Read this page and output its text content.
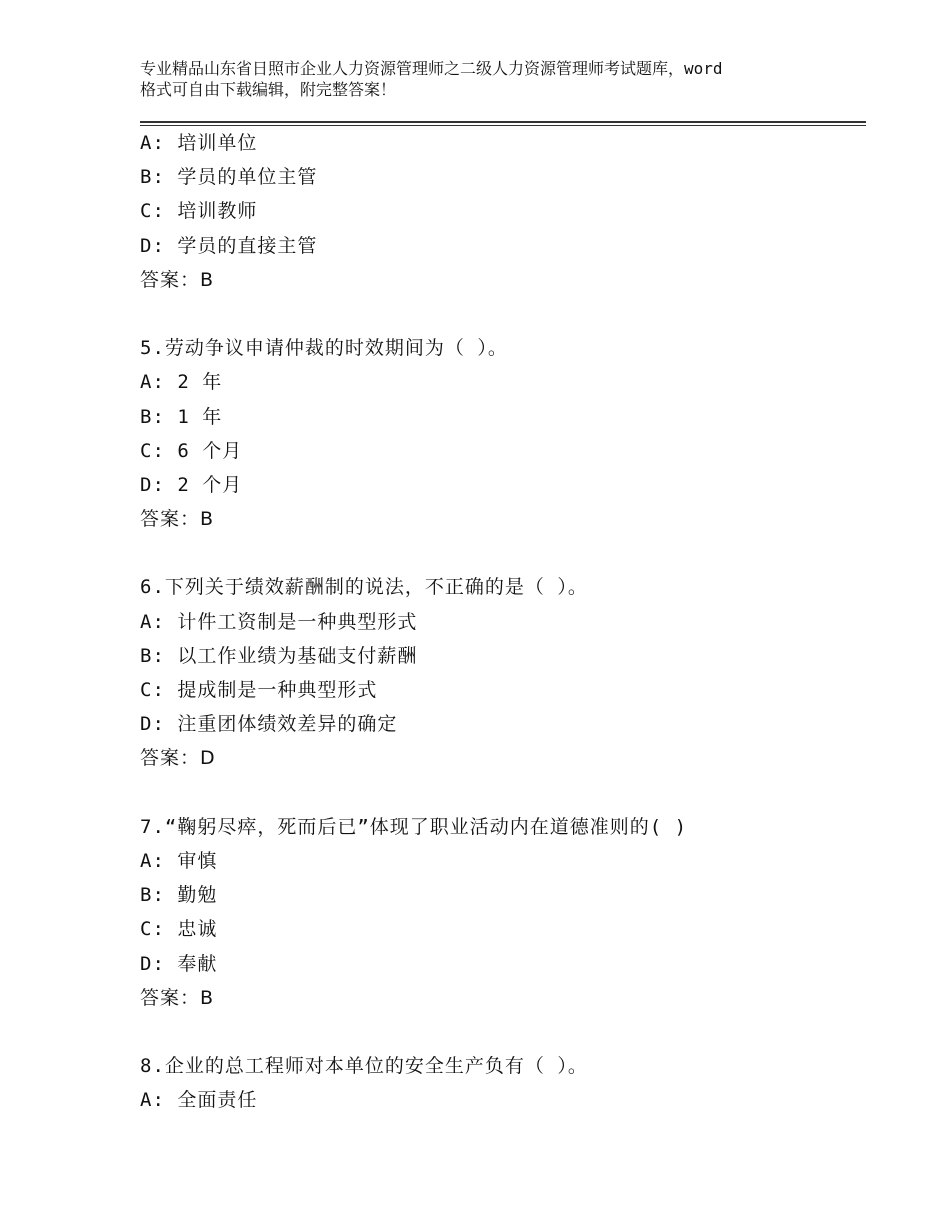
专业精品山东省日照市企业人力资源管理师之二级人力资源管理师考试题库，word
格式可自由下载编辑，附完整答案！
A: 培训单位
B: 学员的单位主管
C: 培训教师
D: 学员的直接主管
答案：B
5.劳动争议申请仲裁的时效期间为（ ）。
A: 2 年
B: 1 年
C: 6 个月
D: 2 个月
答案：B
6.下列关于绩效薪酬制的说法，不正确的是（ ）。
A: 计件工资制是一种典型形式
B: 以工作业绩为基础支付薪酬
C: 提成制是一种典型形式
D: 注重团体绩效差异的确定
答案：D
7.“鞠躬尽瘁，死而后已”体现了职业活动内在道德准则的( )
A: 审慎
B: 勤勉
C: 忠诚
D: 奉献
答案：B
8.企业的总工程师对本单位的安全生产负有（ ）。
A: 全面责任
